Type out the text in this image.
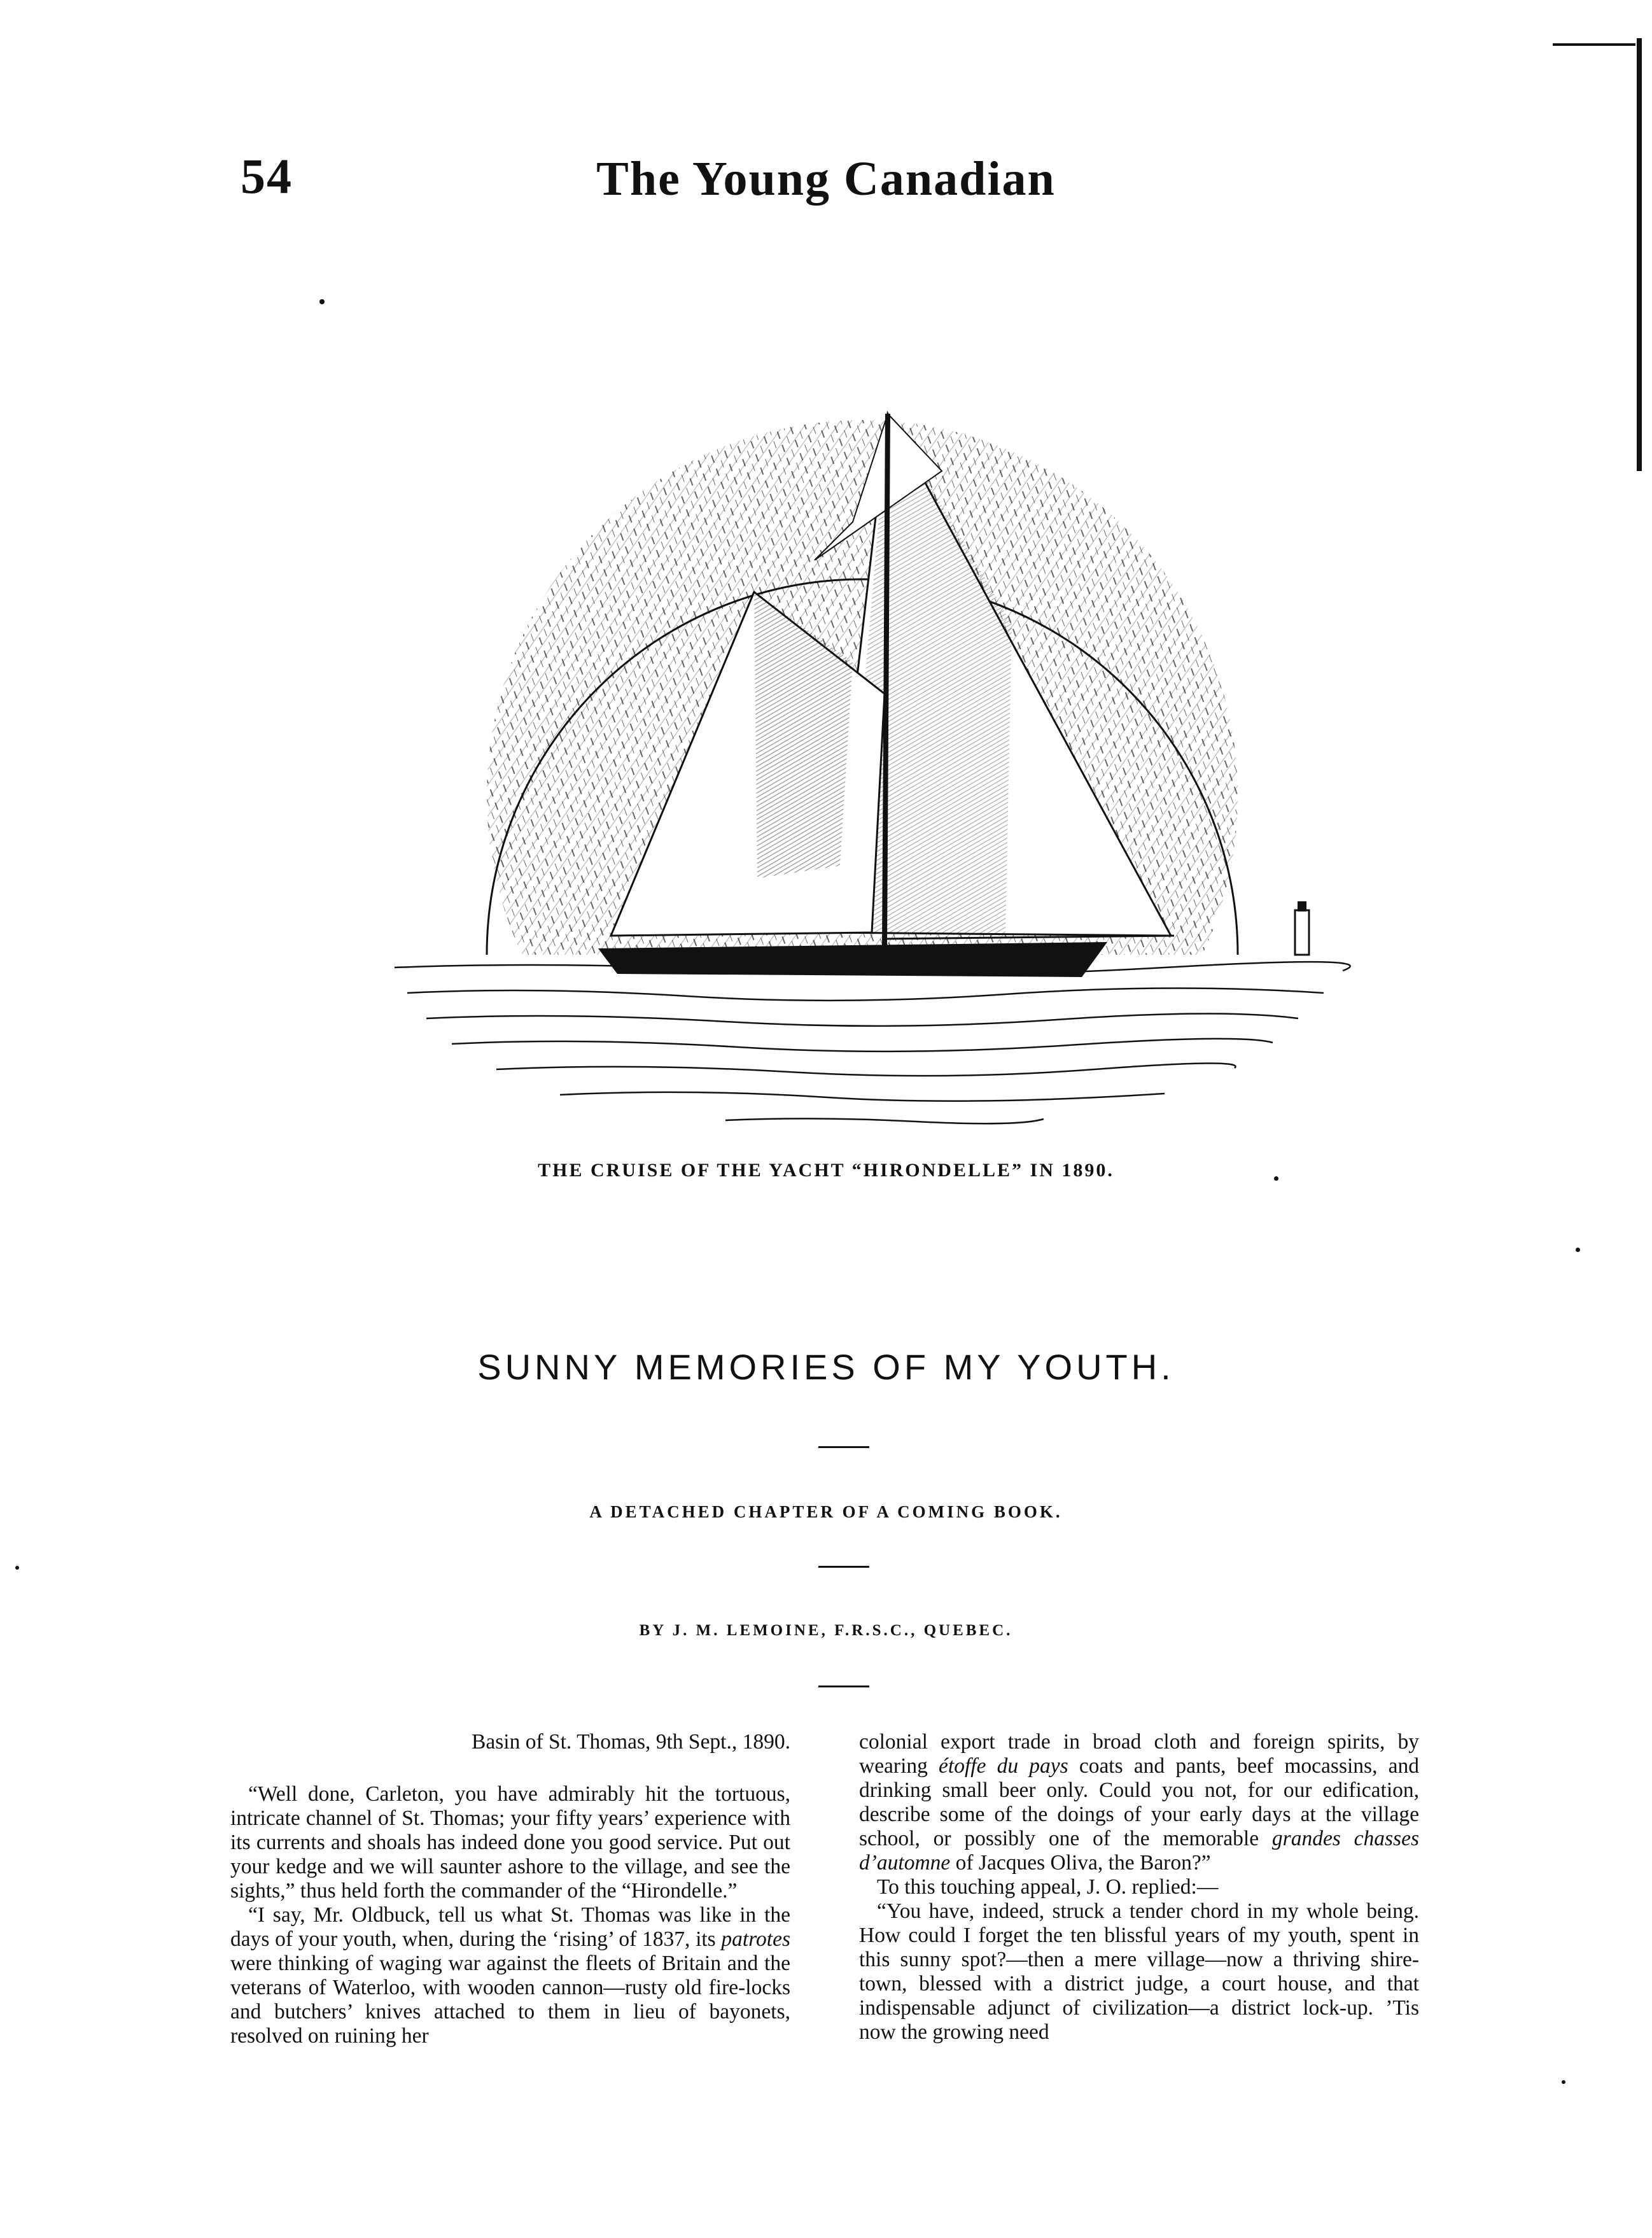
54	The Young Canadian
THE CRUISE OF THE YACHT “HIRONDELLE” IN 1890.
SUNNY MEMORIES OF MY YOUTH.
A DETACHED CHAPTER OF A COMING BOOK.
BY J. M. LEMOINE, F.R.S.C., QUEBEC.

Basin of St. Thomas, 9th Sept., 1890.

“Well done, Carleton, you have admirably hit the tortuous, intricate channel of St. Thomas; your fifty years’ experience with its currents and shoals has indeed done you good service. Put out your kedge and we will saunter ashore to the village, and see the sights,” thus held forth the commander of the “Hirondelle.”

“I say, Mr. Oldbuck, tell us what St. Thomas was like in the days of your youth, when, during the ‘rising’ of 1837, its patrotes were thinking of waging war against the fleets of Britain and the veterans of Waterloo, with wooden cannon—rusty old fire-locks and butchers’ knives attached to them in lieu of bayonets, resolved on ruining her

colonial export trade in broad cloth and foreign spirits, by wearing étoffe du pays coats and pants, beef mocassins, and drinking small beer only. Could you not, for our edification, describe some of the doings of your early days at the village school, or possibly one of the memorable grandes chasses d’automne of Jacques Oliva, the Baron?”

To this touching appeal, J. O. replied:—

“You have, indeed, struck a tender chord in my whole being. How could I forget the ten blissful years of my youth, spent in this sunny spot?—then a mere village—now a thriving shire-town, blessed with a district judge, a court house, and that indispensable adjunct of civilization—a district lock-up. ’Tis now the growing need
